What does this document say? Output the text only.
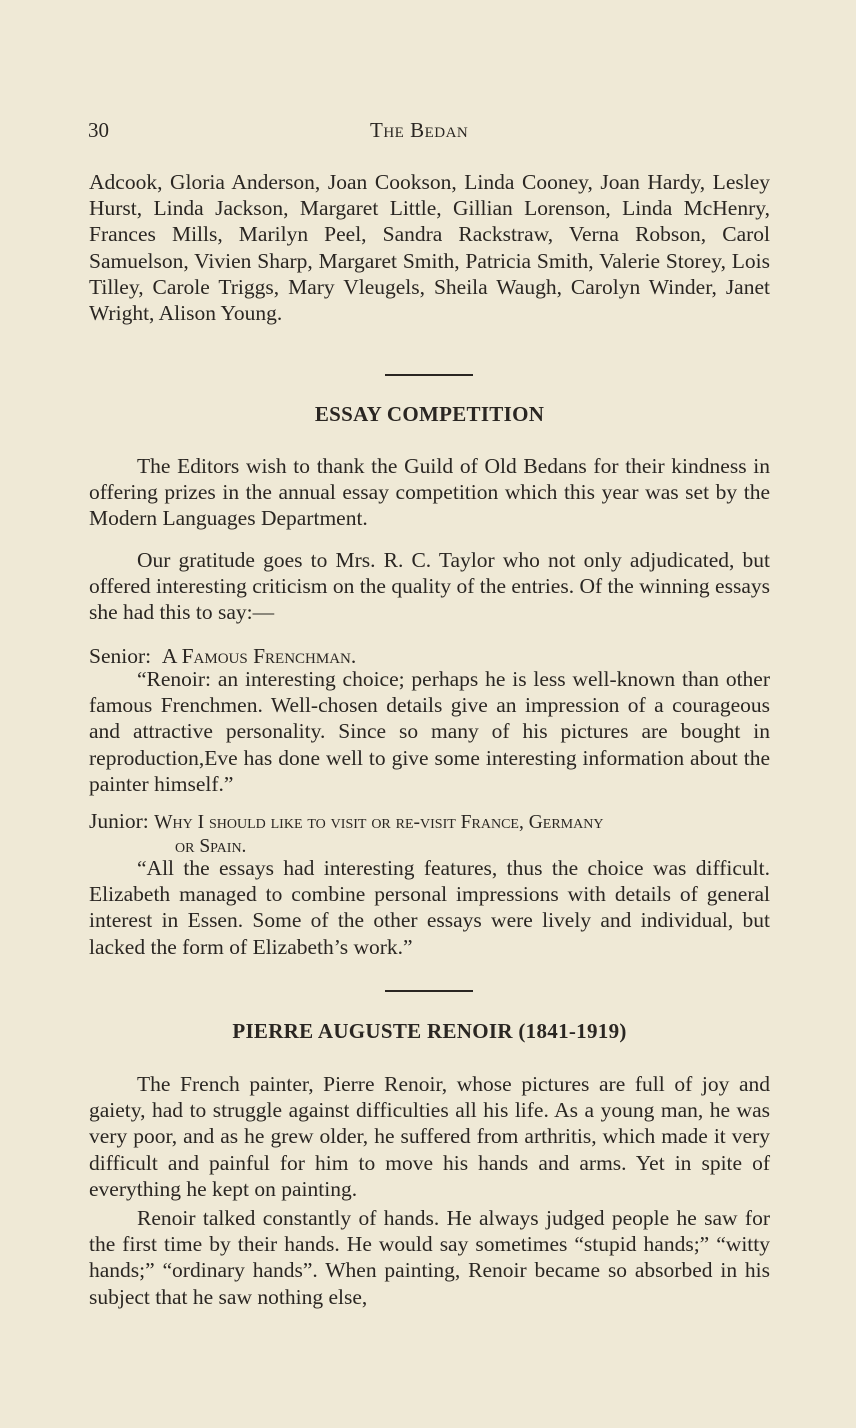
30	The Bedan
Adcook, Gloria Anderson, Joan Cookson, Linda Cooney, Joan Hardy, Lesley Hurst, Linda Jackson, Margaret Little, Gillian Lorenson, Linda McHenry, Frances Mills, Marilyn Peel, Sandra Rackstraw, Verna Robson, Carol Samuelson, Vivien Sharp, Margaret Smith, Patricia Smith, Valerie Storey, Lois Tilley, Carole Triggs, Mary Vleugels, Sheila Waugh, Carolyn Winder, Janet Wright, Alison Young.
ESSAY COMPETITION
The Editors wish to thank the Guild of Old Bedans for their kindness in offering prizes in the annual essay competition which this year was set by the Modern Languages Department.
Our gratitude goes to Mrs. R. C. Taylor who not only adjudicated, but offered interesting criticism on the quality of the entries. Of the winning essays she had this to say:—
Senior: A Famous Frenchman.
“Renoir: an interesting choice; perhaps he is less well-known than other famous Frenchmen. Well-chosen details give an impression of a courageous and attractive personality. Since so many of his pictures are bought in reproduction,Eve has done well to give some interesting information about the painter himself.”
Junior: Why I should like to visit or re-visit France, Germany
or Spain.
“All the essays had interesting features, thus the choice was difficult. Elizabeth managed to combine personal impressions with details of general interest in Essen. Some of the other essays were lively and individual, but lacked the form of Elizabeth’s work.”
PIERRE AUGUSTE RENOIR (1841-1919)
The French painter, Pierre Renoir, whose pictures are full of joy and gaiety, had to struggle against difficulties all his life. As a young man, he was very poor, and as he grew older, he suffered from arthritis, which made it very difficult and painful for him to move his hands and arms. Yet in spite of everything he kept on painting.
Renoir talked constantly of hands. He always judged people he saw for the first time by their hands. He would say sometimes “stupid hands;” “witty hands;” “ordinary hands”. When painting, Renoir became so absorbed in his subject that he saw nothing else,
